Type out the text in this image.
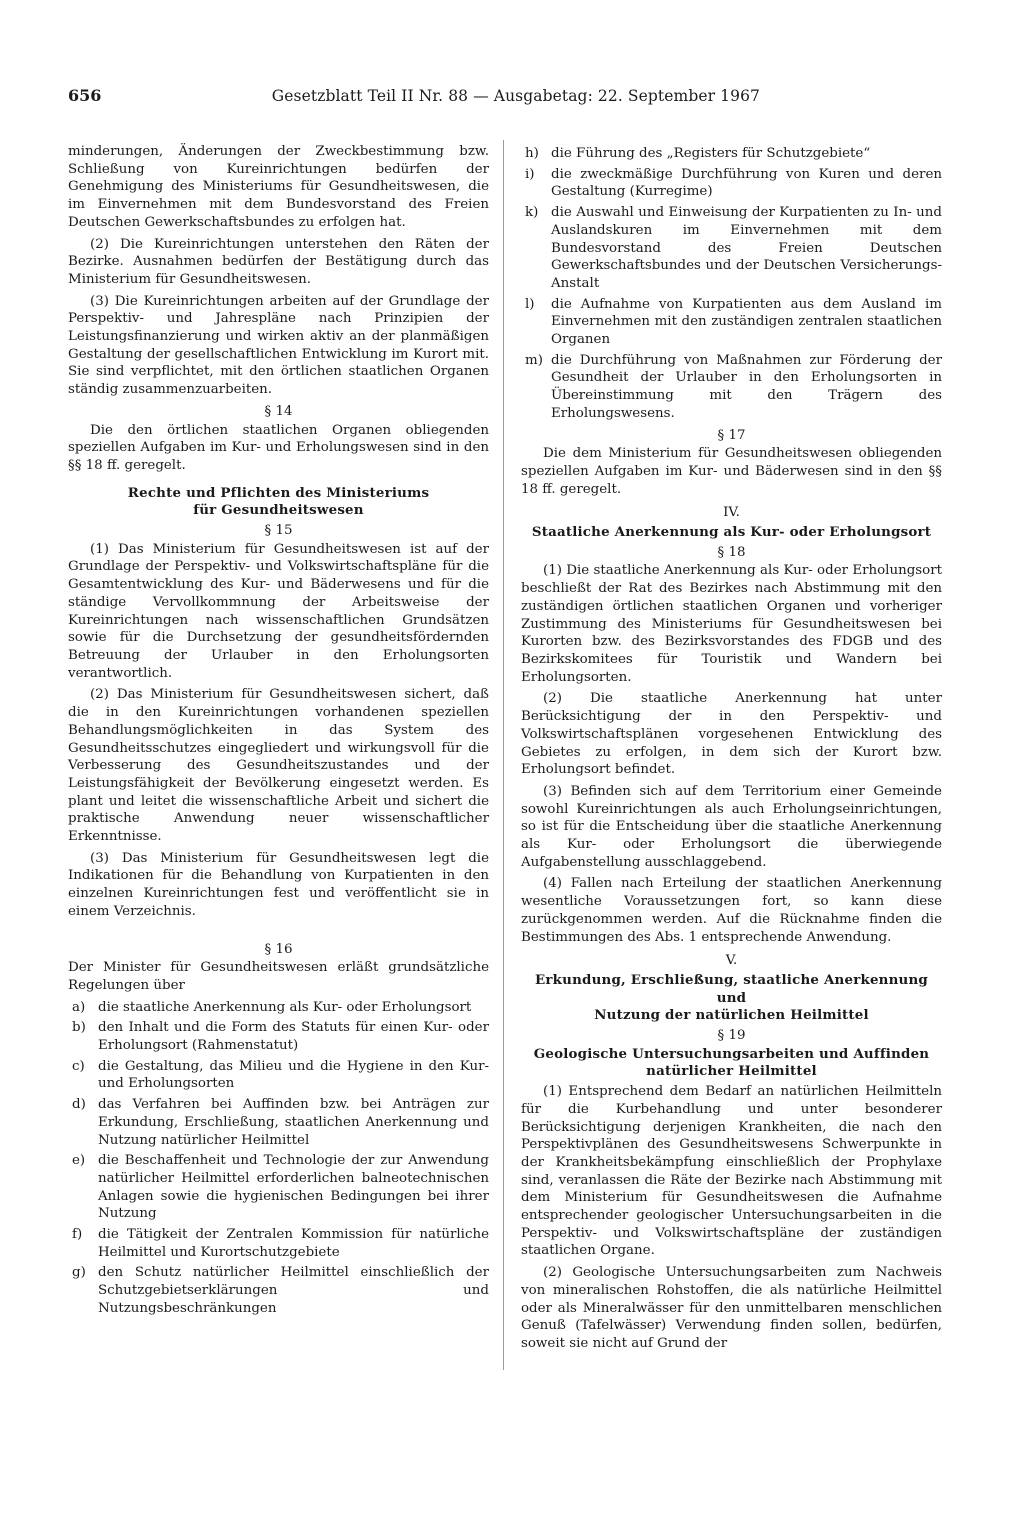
656	Gesetzblatt Teil II Nr. 88 — Ausgabetag: 22. September 1967

minderungen, Änderungen der Zweckbestimmung bzw. Schließung von Kureinrichtungen bedürfen der Genehmigung des Ministeriums für Gesundheitswesen, die im Einvernehmen mit dem Bundesvorstand des Freien Deutschen Gewerkschaftsbundes zu erfolgen hat.

(2) Die Kureinrichtungen unterstehen den Räten der Bezirke. Ausnahmen bedürfen der Bestätigung durch das Ministerium für Gesundheitswesen.

(3) Die Kureinrichtungen arbeiten auf der Grundlage der Perspektiv- und Jahrespläne nach Prinzipien der Leistungsfinanzierung und wirken aktiv an der planmäßigen Gestaltung der gesellschaftlichen Entwicklung im Kurort mit. Sie sind verpflichtet, mit den örtlichen staatlichen Organen ständig zusammenzuarbeiten.

§ 14

Die den örtlichen staatlichen Organen obliegenden speziellen Aufgaben im Kur- und Erholungswesen sind in den §§ 18 ff. geregelt.

Rechte und Pflichten des Ministeriums
für Gesundheitswesen
§ 15

(1) Das Ministerium für Gesundheitswesen ist auf der Grundlage der Perspektiv- und Volkswirtschaftspläne für die Gesamtentwicklung des Kur- und Bäderwesens und für die ständige Vervollkommnung der Arbeitsweise der Kureinrichtungen nach wissenschaftlichen Grundsätzen sowie für die Durchsetzung der gesundheitsfördernden Betreuung der Urlauber in den Erholungsorten verantwortlich.

(2) Das Ministerium für Gesundheitswesen sichert, daß die in den Kureinrichtungen vorhandenen speziellen Behandlungsmöglichkeiten in das System des Gesundheitsschutzes eingegliedert und wirkungsvoll für die Verbesserung des Gesundheitszustandes und der Leistungsfähigkeit der Bevölkerung eingesetzt werden. Es plant und leitet die wissenschaftliche Arbeit und sichert die praktische Anwendung neuer wissenschaftlicher Erkenntnisse.

(3) Das Ministerium für Gesundheitswesen legt die Indikationen für die Behandlung von Kurpatienten in den einzelnen Kureinrichtungen fest und veröffentlicht sie in einem Verzeichnis.

§ 16

Der Minister für Gesundheitswesen erläßt grundsätzliche Regelungen über

a) die staatliche Anerkennung als Kur- oder Erholungsort
b) den Inhalt und die Form des Statuts für einen Kur- oder Erholungsort (Rahmenstatut)
c) die Gestaltung, das Milieu und die Hygiene in den Kur- und Erholungsorten
d) das Verfahren bei Auffinden bzw. bei Anträgen zur Erkundung, Erschließung, staatlichen Anerkennung und Nutzung natürlicher Heilmittel
e) die Beschaffenheit und Technologie der zur Anwendung natürlicher Heilmittel erforderlichen balneotechnischen Anlagen sowie die hygienischen Bedingungen bei ihrer Nutzung
f)	die Tätigkeit der Zentralen Kommission für natürliche Heilmittel und Kurortschutzgebiete
g) den Schutz natürlicher Heilmittel einschließlich der Schutzgebietserklärungen und Nutzungsbeschränkungen
h) die Führung des „Registers für Schutzgebiete“
i)	die zweckmäßige Durchführung von Kuren und deren Gestaltung (Kurregime)
k) die Auswahl und Einweisung der Kurpatienten zu In- und Auslandskuren im Einvernehmen mit dem Bundesvorstand des Freien Deutschen Gewerkschaftsbundes und der Deutschen Versicherungs-Anstalt
l)	die Aufnahme von Kurpatienten aus dem Ausland im Einvernehmen mit den zuständigen zentralen staatlichen Organen
m) die Durchführung von Maßnahmen zur Förderung der Gesundheit der Urlauber in den Erholungsorten in Übereinstimmung mit den Trägern des Erholungswesens.
§ 17

Die dem Ministerium für Gesundheitswesen obliegenden speziellen Aufgaben im Kur- und Bäderwesen sind in den §§ 18 ff. geregelt.

IV.
Staatliche Anerkennung als Kur- oder Erholungsort
§ 18

(1) Die staatliche Anerkennung als Kur- oder Erholungsort beschließt der Rat des Bezirkes nach Abstimmung mit den zuständigen örtlichen staatlichen Organen und vorheriger Zustimmung des Ministeriums für Gesundheitswesen bei Kurorten bzw. des Bezirksvorstandes des FDGB und des Bezirkskomitees für Touristik und Wandern bei Erholungsorten.

(2) Die staatliche Anerkennung hat unter Berücksichtigung der in den Perspektiv- und Volkswirtschaftsplänen vorgesehenen Entwicklung des Gebietes zu erfolgen, in dem sich der Kurort bzw. Erholungsort befindet.

(3) Befinden sich auf dem Territorium einer Gemeinde sowohl Kureinrichtungen als auch Erholungseinrichtungen, so ist für die Entscheidung über die staatliche Anerkennung als Kur- oder Erholungsort die überwiegende Aufgabenstellung ausschlaggebend.

(4) Fallen nach Erteilung der staatlichen Anerkennung wesentliche Voraussetzungen fort, so kann diese zurückgenommen werden. Auf die Rücknahme finden die Bestimmungen des Abs. 1 entsprechende Anwendung.

V.
Erkundung, Erschließung, staatliche Anerkennung und
Nutzung der natürlichen Heilmittel
§ 19
Geologische Untersuchungsarbeiten und Auffinden
natürlicher Heilmittel

(1) Entsprechend dem Bedarf an natürlichen Heilmitteln für die Kurbehandlung und unter besonderer Berücksichtigung derjenigen Krankheiten, die nach den Perspektivplänen des Gesundheitswesens Schwerpunkte in der Krankheitsbekämpfung einschließlich der Prophylaxe sind, veranlassen die Räte der Bezirke nach Abstimmung mit dem Ministerium für Gesundheitswesen die Aufnahme entsprechender geologischer Untersuchungsarbeiten in die Perspektiv- und Volkswirtschaftspläne der zuständigen staatlichen Organe.

(2) Geologische Untersuchungsarbeiten zum Nachweis von mineralischen Rohstoffen, die als natürliche Heilmittel oder als Mineralwässer für den unmittelbaren menschlichen Genuß (Tafelwässer) Verwendung finden sollen, bedürfen, soweit sie nicht auf Grund der
